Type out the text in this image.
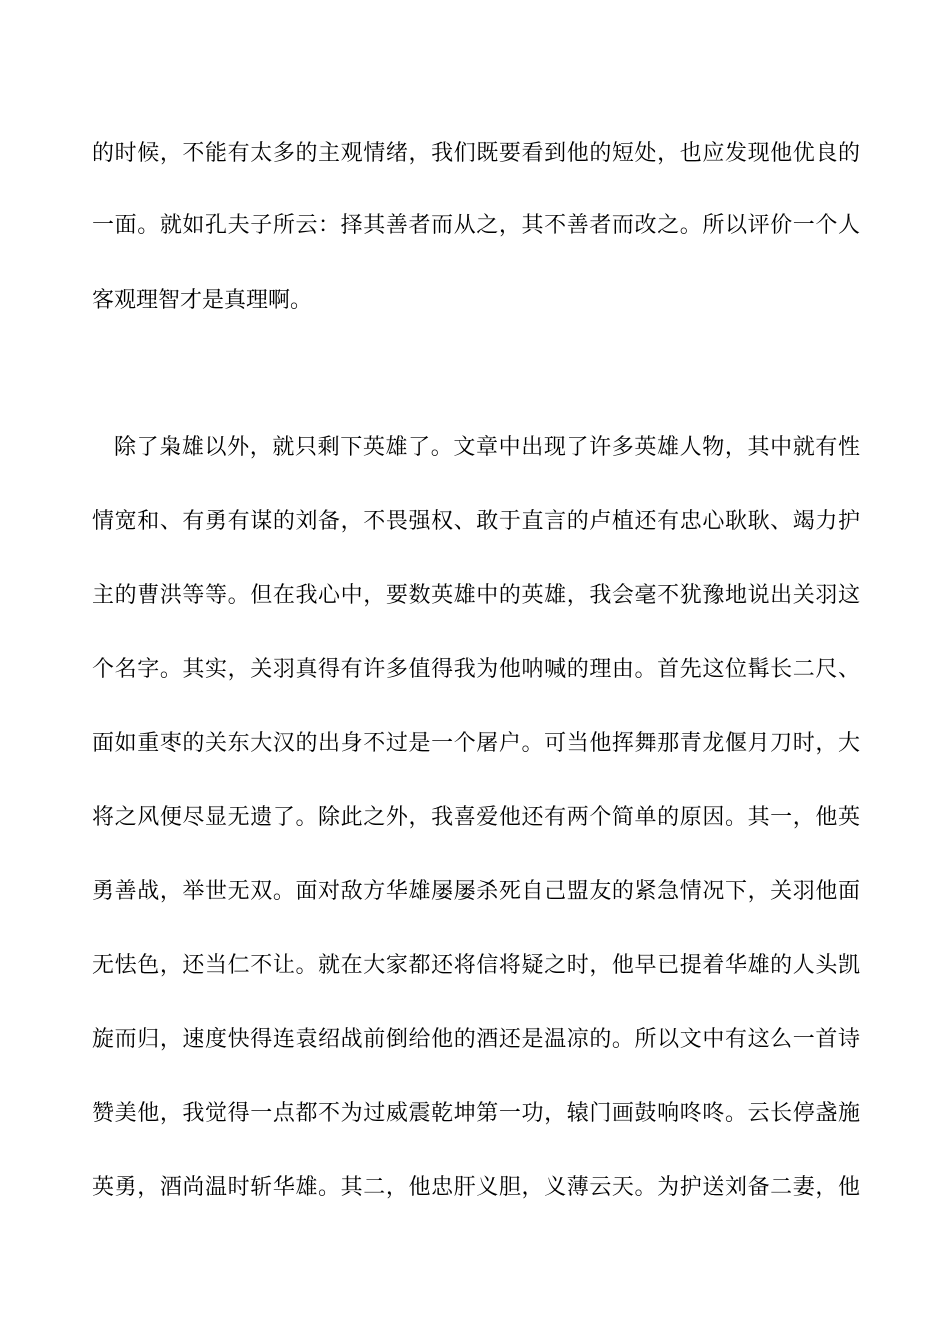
的时候，不能有太多的主观情绪，我们既要看到他的短处，也应发现他优良的
一面。就如孔夫子所云：择其善者而从之，其不善者而改之。所以评价一个人
客观理智才是真理啊。
除了枭雄以外，就只剩下英雄了。文章中出现了许多英雄人物，其中就有性
情宽和、有勇有谋的刘备，不畏强权、敢于直言的卢植还有忠心耿耿、竭力护
主的曹洪等等。但在我心中，要数英雄中的英雄，我会毫不犹豫地说出关羽这
个名字。其实，关羽真得有许多值得我为他呐喊的理由。首先这位髯长二尺、
面如重枣的关东大汉的出身不过是一个屠户。可当他挥舞那青龙偃月刀时，大
将之风便尽显无遗了。除此之外，我喜爱他还有两个简单的原因。其一，他英
勇善战，举世无双。面对敌方华雄屡屡杀死自己盟友的紧急情况下，关羽他面
无怯色，还当仁不让。就在大家都还将信将疑之时，他早已提着华雄的人头凯
旋而归，速度快得连袁绍战前倒给他的酒还是温凉的。所以文中有这么一首诗
赞美他，我觉得一点都不为过威震乾坤第一功，辕门画鼓响咚咚。云长停盏施
英勇，酒尚温时斩华雄。其二，他忠肝义胆，义薄云天。为护送刘备二妻，他
